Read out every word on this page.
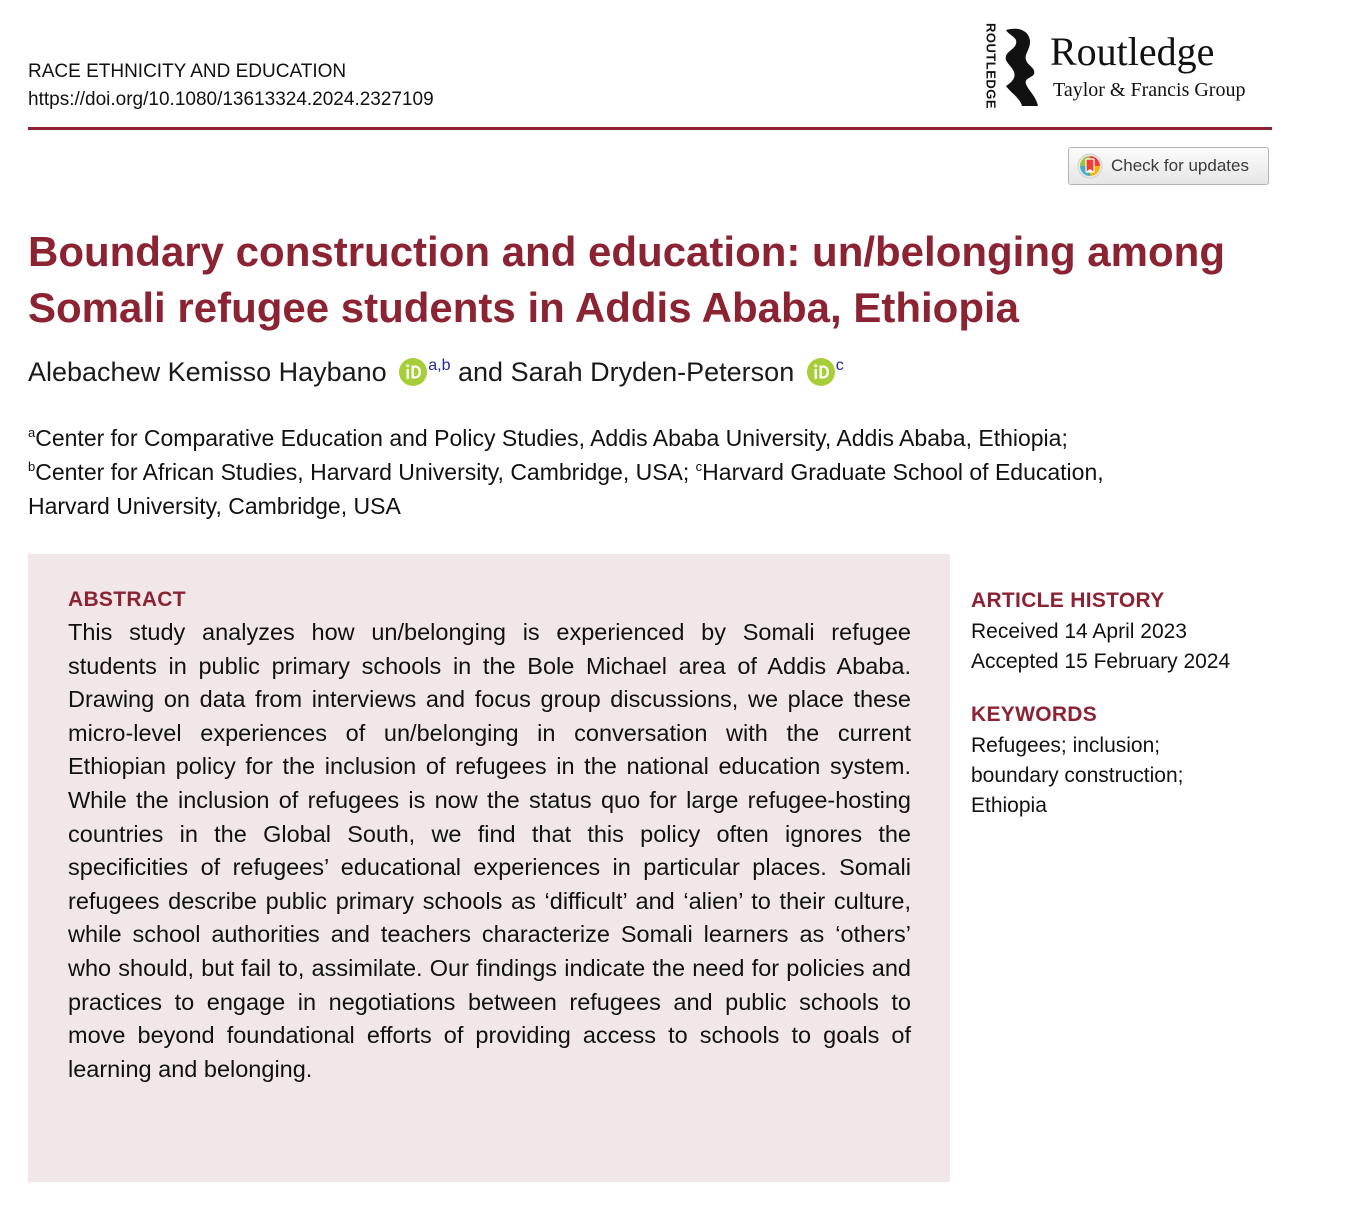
RACE ETHNICITY AND EDUCATION
https://doi.org/10.1080/13613324.2024.2327109	ROUTLEDGE Routledge
Taylor & Francis Group
Check for updates
Boundary construction and education: un/belonging among Somali refugee students in Addis Ababa, Ethiopia
Alebachew Kemisso Haybano	$^{a,b}$ and Sarah Dryden-Peterson	$^c$
$^a$Center for Comparative Education and Policy Studies, Addis Ababa University, Addis Ababa, Ethiopia;
$^b$Center for African Studies, Harvard University, Cambridge, USA; $^c$Harvard Graduate School of Education,
Harvard University, Cambridge, USA
ABSTRACT

This study analyzes how un/belonging is experienced by Somali refugee students in public primary schools in the Bole Michael area of Addis Ababa. Drawing on data from interviews and focus group discussions, we place these micro-level experiences of un/belonging in conversation with the current Ethiopian policy for the inclusion of refugees in the national education system. While the inclusion of refugees is now the status quo for large refugee-hosting countries in the Global South, we find that this policy often ignores the specificities of refugees’ educational experiences in particular places. Somali refugees describe public primary schools as ‘difficult’ and ‘alien’ to their culture, while school authorities and teachers characterize Somali learners as ‘others’ who should, but fail to, assimilate. Our findings indicate the need for policies and practices to engage in negotiations between refugees and public schools to move beyond foundational efforts of providing access to schools to goals of learning and belonging.

ARTICLE HISTORY
Received 14 April 2023
Accepted 15 February 2024
KEYWORDS
Refugees; inclusion; boundary construction; Ethiopia
